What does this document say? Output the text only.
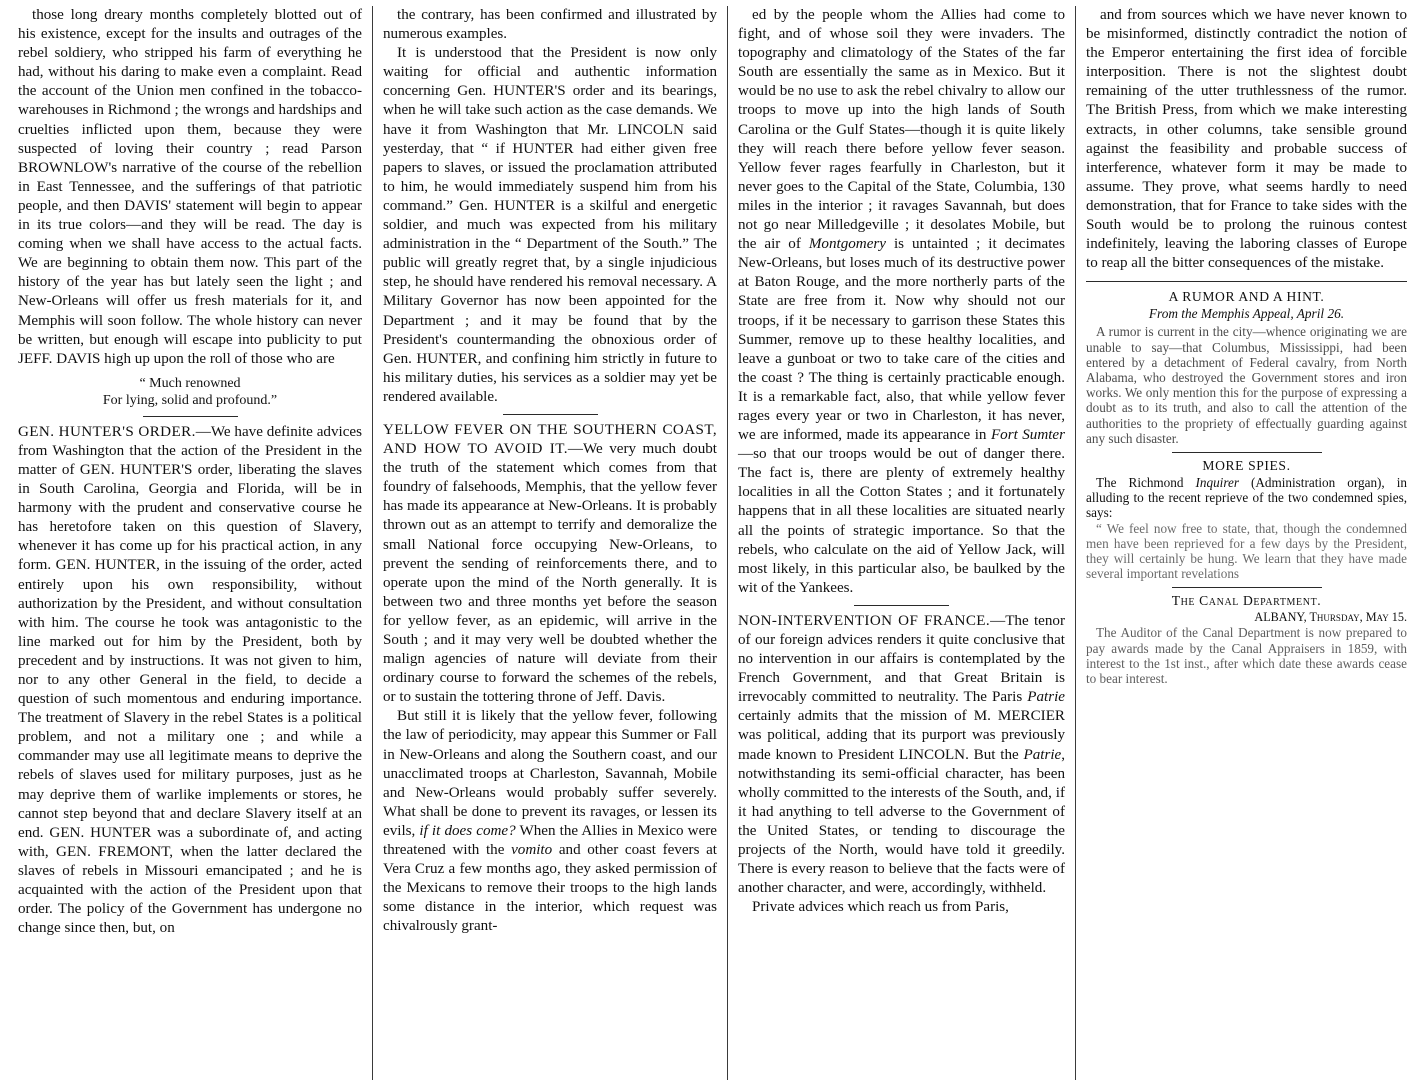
those long dreary months completely blotted out of his existence, except for the insults and outrages of the rebel soldiery, who stripped his farm of everything he had, without his daring to make even a complaint. Read the account of the Union men confined in the tobacco-warehouses in Richmond ; the wrongs and hardships and cruelties inflicted upon them, because they were suspected of loving their country ; read Parson BROWNLOW's narrative of the course of the rebellion in East Tennessee, and the sufferings of that patriotic people, and then DAVIS' statement will begin to appear in its true colors—and they will be read. The day is coming when we shall have access to the actual facts. We are beginning to obtain them now. This part of the history of the year has but lately seen the light ; and New-Orleans will offer us fresh materials for it, and Memphis will soon follow. The whole history can never be written, but enough will escape into publicity to put JEFF. DAVIS high up upon the roll of those who are

“ Much renowned
For lying, solid and profound.”

GEN. HUNTER'S ORDER.—We have definite advices from Washington that the action of the President in the matter of GEN. HUNTER'S order, liberating the slaves in South Carolina, Georgia and Florida, will be in harmony with the prudent and conservative course he has heretofore taken on this question of Slavery, whenever it has come up for his practical action, in any form. GEN. HUNTER, in the issuing of the order, acted entirely upon his own responsibility, without authorization by the President, and without consultation with him. The course he took was antagonistic to the line marked out for him by the President, both by precedent and by instructions. It was not given to him, nor to any other General in the field, to decide a question of such momentous and enduring importance. The treatment of Slavery in the rebel States is a political problem, and not a military one ; and while a commander may use all legitimate means to deprive the rebels of slaves used for military purposes, just as he may deprive them of warlike implements or stores, he cannot step beyond that and declare Slavery itself at an end. GEN. HUNTER was a subordinate of, and acting with, GEN. FREMONT, when the latter declared the slaves of rebels in Missouri emancipated ; and he is acquainted with the action of the President upon that order. The policy of the Government has undergone no change since then, but, on

the contrary, has been confirmed and illustrated by numerous examples.

It is understood that the President is now only waiting for official and authentic information concerning Gen. HUNTER'S order and its bearings, when he will take such action as the case demands. We have it from Washington that Mr. LINCOLN said yesterday, that “ if HUNTER had either given free papers to slaves, or issued the proclamation attributed to him, he would immediately suspend him from his command.” Gen. HUNTER is a skilful and energetic soldier, and much was expected from his military administration in the “ Department of the South.” The public will greatly regret that, by a single injudicious step, he should have rendered his removal necessary. A Military Governor has now been appointed for the Department ; and it may be found that by the President's countermanding the obnoxious order of Gen. HUNTER, and confining him strictly in future to his military duties, his services as a soldier may yet be rendered available.

YELLOW FEVER ON THE SOUTHERN COAST, AND HOW TO AVOID IT.—We very much doubt the truth of the statement which comes from that foundry of falsehoods, Memphis, that the yellow fever has made its appearance at New-Orleans. It is probably thrown out as an attempt to terrify and demoralize the small National force occupying New-Orleans, to prevent the sending of reinforcements there, and to operate upon the mind of the North generally. It is between two and three months yet before the season for yellow fever, as an epidemic, will arrive in the South ; and it may very well be doubted whether the malign agencies of nature will deviate from their ordinary course to forward the schemes of the rebels, or to sustain the tottering throne of Jeff. Davis.

But still it is likely that the yellow fever, following the law of periodicity, may appear this Summer or Fall in New-Orleans and along the Southern coast, and our unacclimated troops at Charleston, Savannah, Mobile and New-Orleans would probably suffer severely. What shall be done to prevent its ravages, or lessen its evils, if it does come? When the Allies in Mexico were threatened with the vomito and other coast fevers at Vera Cruz a few months ago, they asked permission of the Mexicans to remove their troops to the high lands some distance in the interior, which request was chivalrously grant-

ed by the people whom the Allies had come to fight, and of whose soil they were invaders. The topography and climatology of the States of the far South are essentially the same as in Mexico. But it would be no use to ask the rebel chivalry to allow our troops to move up into the high lands of South Carolina or the Gulf States—though it is quite likely they will reach there before yellow fever season. Yellow fever rages fearfully in Charleston, but it never goes to the Capital of the State, Columbia, 130 miles in the interior ; it ravages Savannah, but does not go near Milledgeville ; it desolates Mobile, but the air of Montgomery is untainted ; it decimates New-Orleans, but loses much of its destructive power at Baton Rouge, and the more northerly parts of the State are free from it. Now why should not our troops, if it be necessary to garrison these States this Summer, remove up to these healthy localities, and leave a gunboat or two to take care of the cities and the coast ? The thing is certainly practicable enough. It is a remarkable fact, also, that while yellow fever rages every year or two in Charleston, it has never, we are informed, made its appearance in Fort Sumter—so that our troops would be out of danger there. The fact is, there are plenty of extremely healthy localities in all the Cotton States ; and it fortunately happens that in all these localities are situated nearly all the points of strategic importance. So that the rebels, who calculate on the aid of Yellow Jack, will most likely, in this particular also, be baulked by the wit of the Yankees.

NON-INTERVENTION OF FRANCE.—The tenor of our foreign advices renders it quite conclusive that no intervention in our affairs is contemplated by the French Government, and that Great Britain is irrevocably committed to neutrality. The Paris Patrie certainly admits that the mission of M. MERCIER was political, adding that its purport was previously made known to President LINCOLN. But the Patrie, notwithstanding its semi-official character, has been wholly committed to the interests of the South, and, if it had anything to tell adverse to the Government of the United States, or tending to discourage the projects of the North, would have told it greedily. There is every reason to believe that the facts were of another character, and were, accordingly, withheld.

Private advices which reach us from Paris,

and from sources which we have never known to be misinformed, distinctly contradict the notion of the Emperor entertaining the first idea of forcible interposition. There is not the slightest doubt remaining of the utter truthlessness of the rumor. The British Press, from which we make interesting extracts, in other columns, take sensible ground against the feasibility and probable success of interference, whatever form it may be made to assume. They prove, what seems hardly to need demonstration, that for France to take sides with the South would be to prolong the ruinous contest indefinitely, leaving the laboring classes of Europe to reap all the bitter consequences of the mistake.

A RUMOR AND A HINT.
From the Memphis Appeal, April 26.

A rumor is current in the city—whence originating we are unable to say—that Columbus, Mississippi, had been entered by a detachment of Federal cavalry, from North Alabama, who destroyed the Government stores and iron works. We only mention this for the purpose of expressing a doubt as to its truth, and also to call the attention of the authorities to the propriety of effectually guarding against any such disaster.

MORE SPIES.

The Richmond Inquirer (Administration organ), in alluding to the recent reprieve of the two condemned spies, says:

“ We feel now free to state, that, though the condemned men have been reprieved for a few days by the President, they will certainly be hung. We learn that they have made several important revelations

The Canal Department.
ALBANY, Thursday, May 15.

The Auditor of the Canal Department is now prepared to pay awards made by the Canal Appraisers in 1859, with interest to the 1st inst., after which date these awards cease to bear interest.
